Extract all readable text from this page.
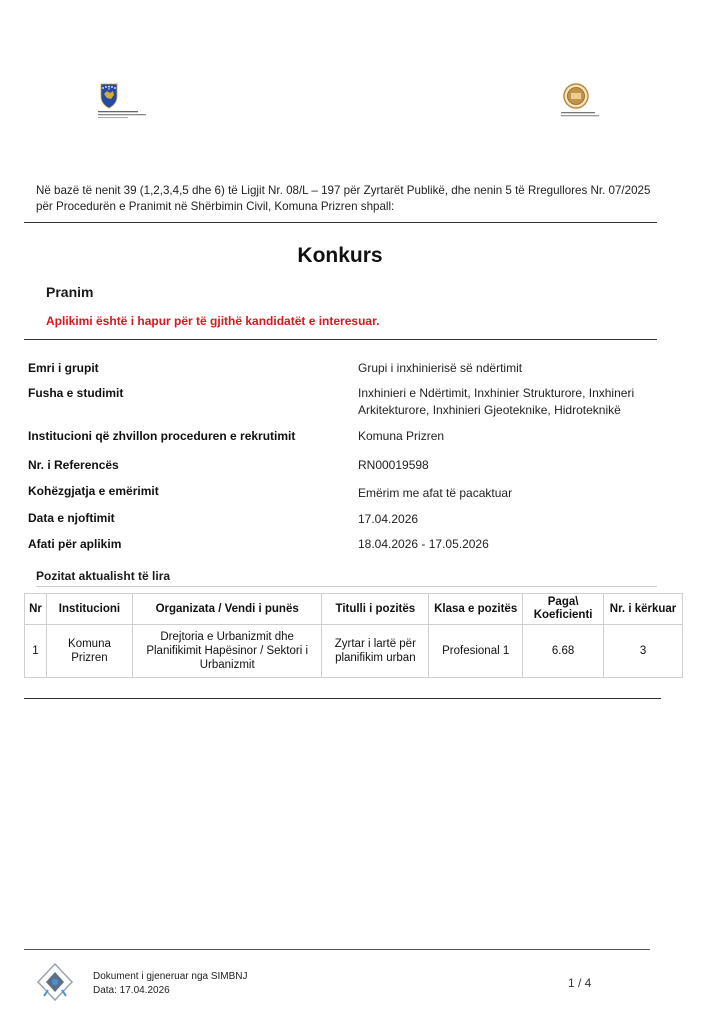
Në bazë të nenit 39 (1,2,3,4,5 dhe 6) të Ligjit Nr. 08/L – 197 për Zyrtarët Publikë, dhe nenin 5 të Rregullores Nr. 07/2025 për Procedurën e Pranimit në Shërbimin Civil, Komuna Prizren shpall:
Konkurs
Pranim
Aplikimi është i hapur për të gjithë kandidatët e interesuar.
Emri i grupit	Grupi i inxhinierisë së ndërtimit
Fusha e studimit	Inxhinieri e Ndërtimit, Inxhinier Strukturore, Inxhineri Arkitekturore, Inxhinieri Gjeoteknike, Hidroteknikë
Institucioni që zhvillon proceduren e rekrutimit	Komuna Prizren
Nr. i Referencës	RN00019598
Kohëzgjatja e emërimit	Emërim me afat të pacaktuar
Data e njoftimit	17.04.2026
Afati për aplikim	18.04.2026 - 17.05.2026
Pozitat aktualisht të lira
Nr	Institucioni	Organizata / Vendi i punës	Titulli i pozitës	Klasa e pozitës	Paga\ Koeficienti	Nr. i kërkuar
1	Komuna Prizren	Drejtoria e Urbanizmit dhe Planifikimit Hapësinor / Sektori i Urbanizmit	Zyrtar i lartë për planifikim urban	Profesional 1	6.68	3
Dokument i gjeneruar nga SIMBNJ
Data: 17.04.2026
1 / 4
